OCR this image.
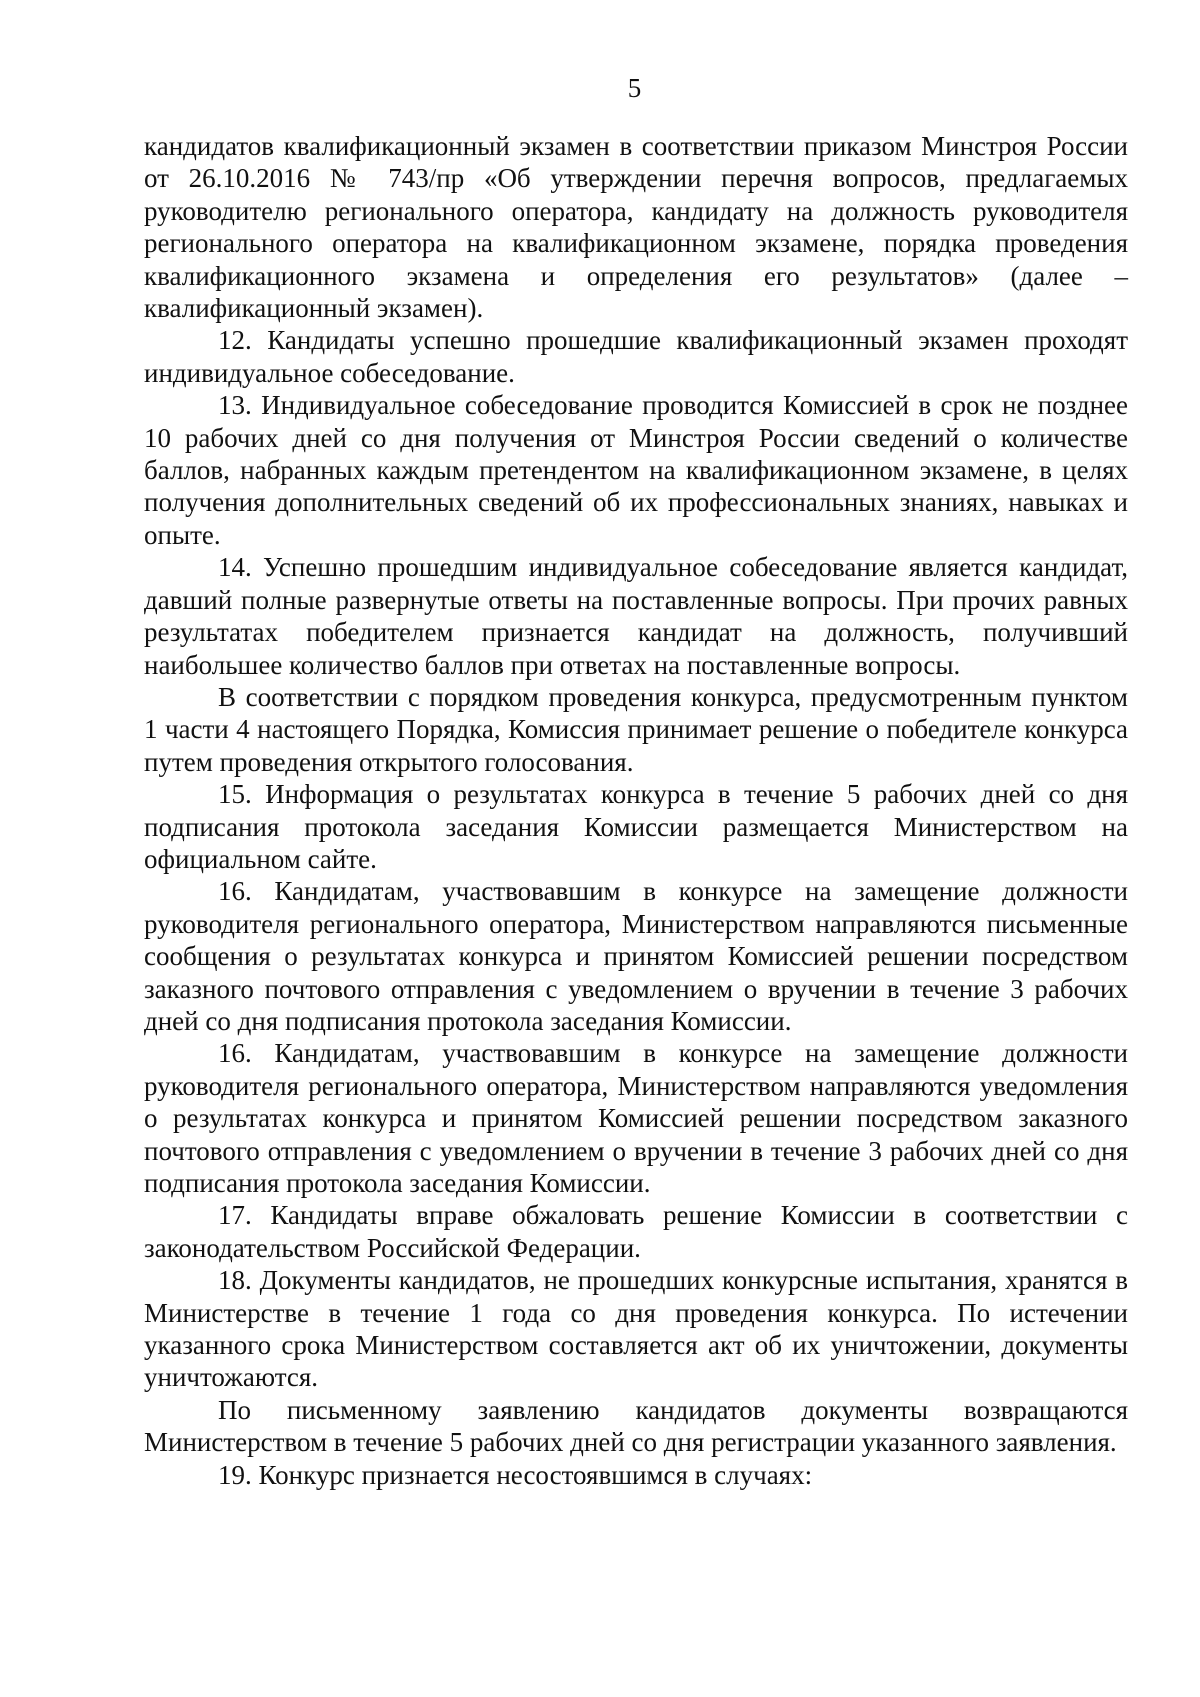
5

кандидатов квалификационный экзамен в соответствии приказом Минстроя России от 26.10.2016 № 743/пр «Об утверждении перечня вопросов, предлагаемых руководителю регионального оператора, кандидату на должность руководителя регионального оператора на квалификационном экзамене, порядка проведения квалификационного экзамена и определения его результатов» (далее – квалификационный экзамен).

12. Кандидаты успешно прошедшие квалификационный экзамен проходят индивидуальное собеседование.

13. Индивидуальное собеседование проводится Комиссией в срок не позднее 10 рабочих дней со дня получения от Минстроя России сведений о количестве баллов, набранных каждым претендентом на квалификационном экзамене, в целях получения дополнительных сведений об их профессиональных знаниях, навыках и опыте.

14. Успешно прошедшим индивидуальное собеседование является кандидат, давший полные развернутые ответы на поставленные вопросы. При прочих равных результатах победителем признается кандидат на должность, получивший наибольшее количество баллов при ответах на поставленные вопросы.

В соответствии с порядком проведения конкурса, предусмотренным пунктом 1 части 4 настоящего Порядка, Комиссия принимает решение о победителе конкурса путем проведения открытого голосования.

15. Информация о результатах конкурса в течение 5 рабочих дней со дня подписания протокола заседания Комиссии размещается Министерством на официальном сайте.

16. Кандидатам, участвовавшим в конкурсе на замещение должности руководителя регионального оператора, Министерством направляются письменные сообщения о результатах конкурса и принятом Комиссией решении посредством заказного почтового отправления с уведомлением о вручении в течение 3 рабочих дней со дня подписания протокола заседания Комиссии.

16. Кандидатам, участвовавшим в конкурсе на замещение должности руководителя регионального оператора, Министерством направляются уведомления о результатах конкурса и принятом Комиссией решении посредством заказного почтового отправления с уведомлением о вручении в течение 3 рабочих дней со дня подписания протокола заседания Комиссии.

17. Кандидаты вправе обжаловать решение Комиссии в соответствии с законодательством Российской Федерации.

18. Документы кандидатов, не прошедших конкурсные испытания, хранятся в Министерстве в течение 1 года со дня проведения конкурса. По истечении указанного срока Министерством составляется акт об их уничтожении, документы уничтожаются.

По письменному заявлению кандидатов документы возвращаются Министерством в течение 5 рабочих дней со дня регистрации указанного заявления.

19. Конкурс признается несостоявшимся в случаях:
